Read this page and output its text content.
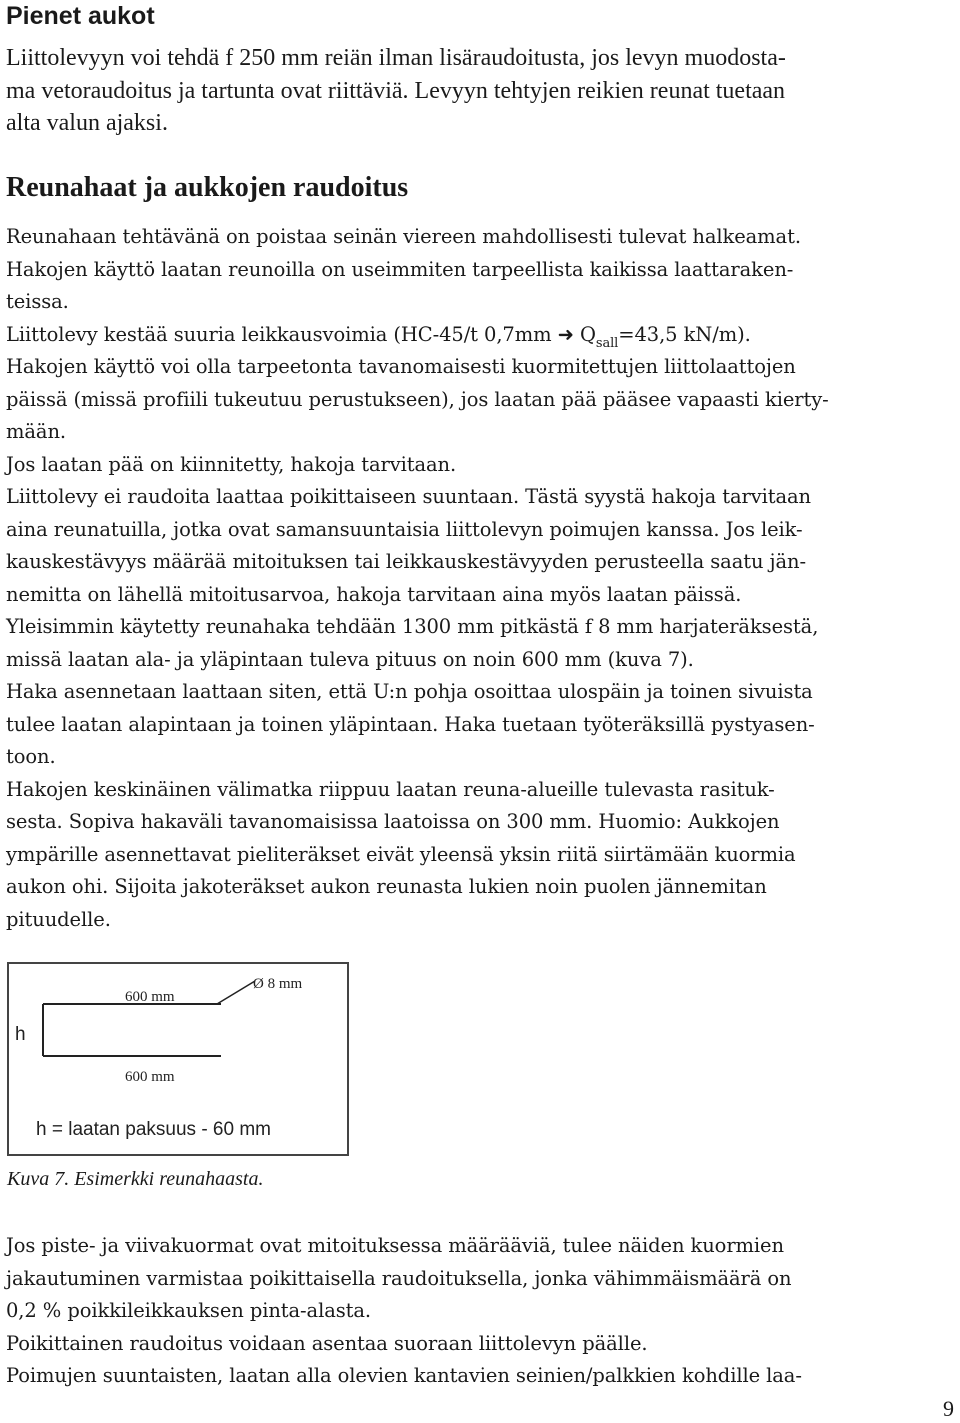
Pienet aukot
Liittolevyyn voi tehdä f 250 mm reiän ilman lisäraudoitusta, jos levyn muodosta-
ma vetoraudoitus ja tartunta ovat riittäviä. Levyyn tehtyjen reikien reunat tuetaan
alta valun ajaksi.
Reunahaat ja aukkojen raudoitus
Reunahaan tehtävänä on poistaa seinän viereen mahdollisesti tulevat halkeamat.
Hakojen käyttö laatan reunoilla on useimmiten tarpeellista kaikissa laattaraken-
teissa.
Liittolevy kestää suuria leikkausvoimia (HC-45/t 0,7mm ➜ $Q_{sall}=43,5$ kN/m).
Hakojen käyttö voi olla tarpeetonta tavanomaisesti kuormitettujen liittolaattojen
päissä (missä profiili tukeutuu perustukseen), jos laatan pää pääsee vapaasti kierty-
mään.
Jos laatan pää on kiinnitetty, hakoja tarvitaan.
Liittolevy ei raudoita laattaa poikittaiseen suuntaan. Tästä syystä hakoja tarvitaan
aina reunatuilla, jotka ovat samansuuntaisia liittolevyn poimujen kanssa. Jos leik-
kauskestävyys määrää mitoituksen tai leikkauskestävyyden perusteella saatu jän-
nemitta on lähellä mitoitusarvoa, hakoja tarvitaan aina myös laatan päissä.
Yleisimmin käytetty reunahaka tehdään 1300 mm pitkästä f 8 mm harjateräksestä,
missä laatan ala- ja yläpintaan tuleva pituus on noin 600 mm (kuva 7).
Haka asennetaan laattaan siten, että U:n pohja osoittaa ulospäin ja toinen sivuista
tulee laatan alapintaan ja toinen yläpintaan. Haka tuetaan työteräksillä pystyasen-
toon.
Hakojen keskinäinen välimatka riippuu laatan reuna-alueille tulevasta rasituk-
sesta. Sopiva hakaväli tavanomaisissa laatoissa on 300 mm. Huomio: Aukkojen
ympärille asennettavat pieliteräkset eivät yleensä yksin riitä siirtämään kuormia
aukon ohi. Sijoita jakoteräkset aukon reunasta lukien noin puolen jännemitan
pituudelle.
600 mm
Ø 8 mm
h
600 mm
h = laatan paksuus - 60 mm
Kuva 7. Esimerkki reunahaasta.
Jos piste- ja viivakuormat ovat mitoituksessa määrääviä, tulee näiden kuormien
jakautuminen varmistaa poikittaisella raudoituksella, jonka vähimmäismäärä on
0,2 % poikkileikkauksen pinta-alasta.
Poikittainen raudoitus voidaan asentaa suoraan liittolevyn päälle.
Poimujen suuntaisten, laatan alla olevien kantavien seinien/palkkien kohdille laa-
9
